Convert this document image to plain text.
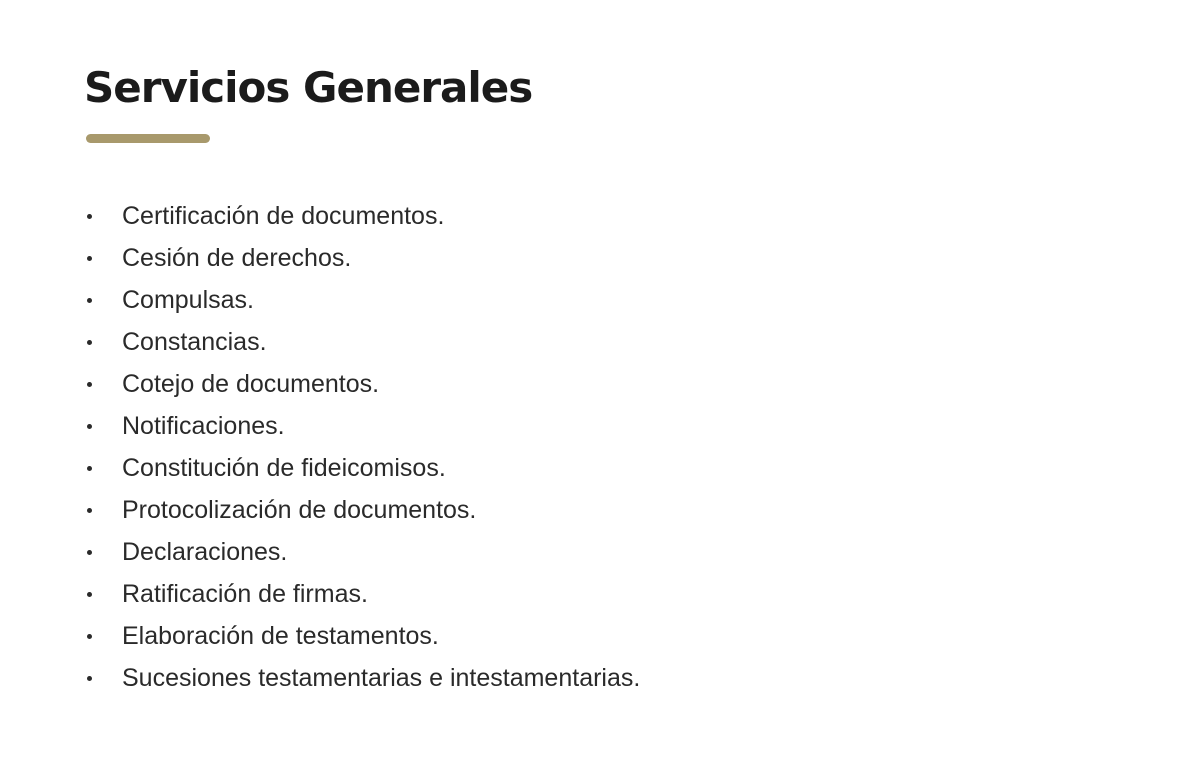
Servicios Generales
Certificación de documentos.
Cesión de derechos.
Compulsas.
Constancias.
Cotejo de documentos.
Notificaciones.
Constitución de fideicomisos.
Protocolización de documentos.
Declaraciones.
Ratificación de firmas.
Elaboración de testamentos.
Sucesiones testamentarias e intestamentarias.
